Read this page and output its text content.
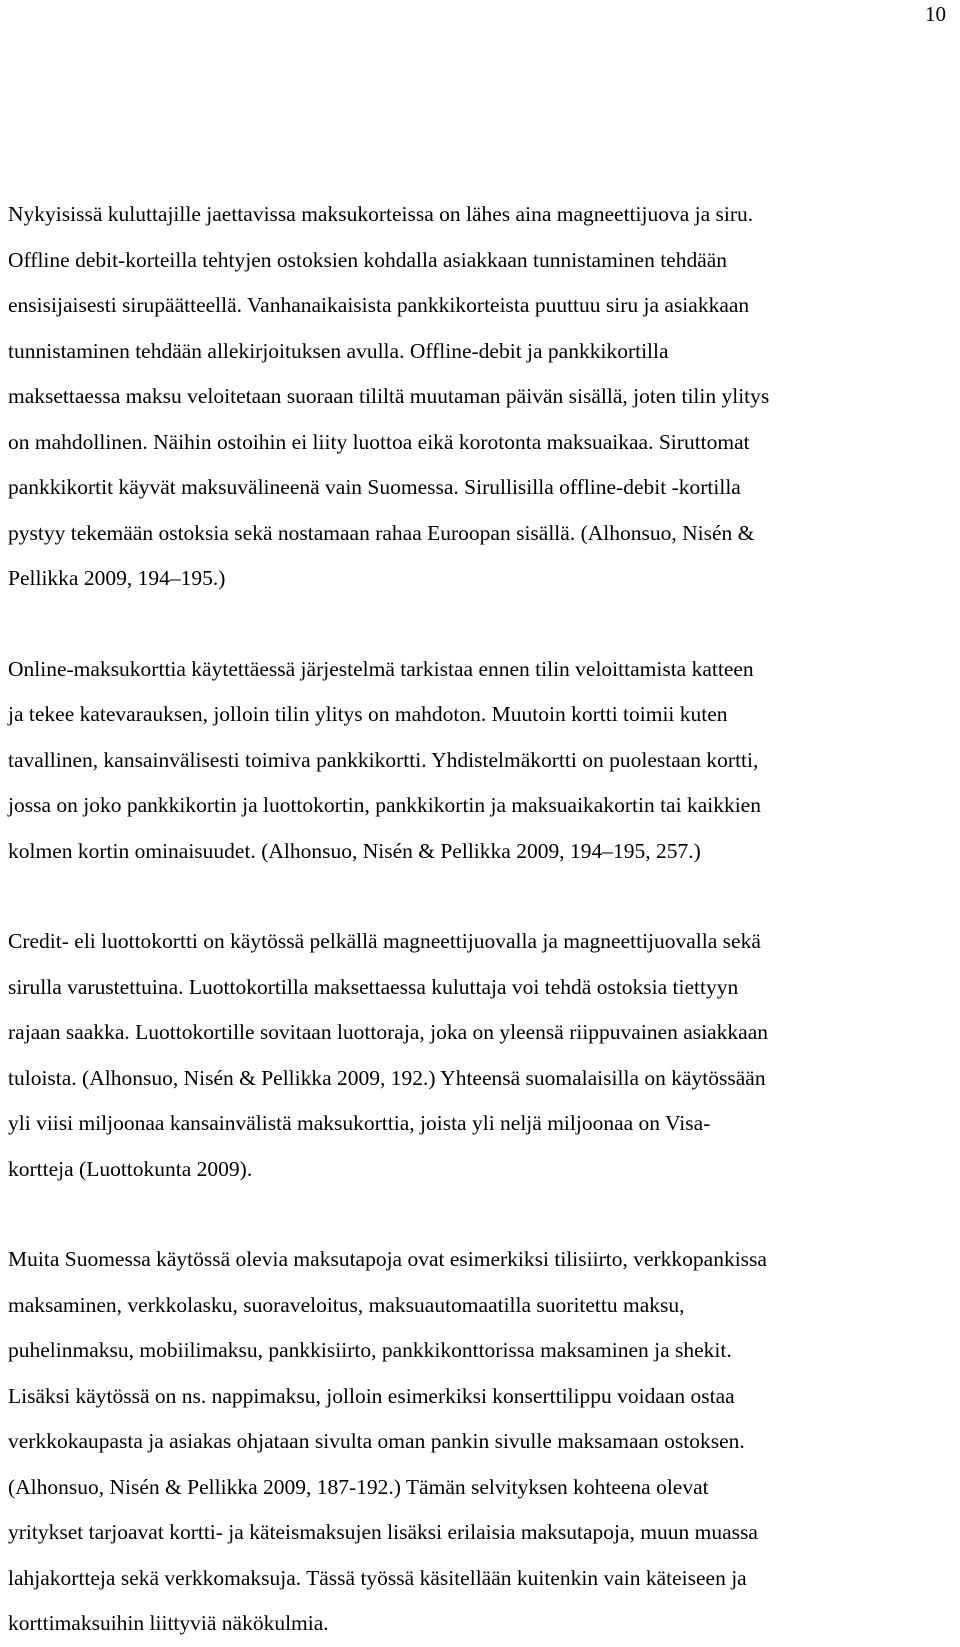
10

Nykyisissä kuluttajille jaettavissa maksukorteissa on lähes aina magneettijuova ja siru.
Offline debit-korteilla tehtyjen ostoksien kohdalla asiakkaan tunnistaminen tehdään
ensisijaisesti sirupäätteellä. Vanhanaikaisista pankkikorteista puuttuu siru ja asiakkaan
tunnistaminen tehdään allekirjoituksen avulla. Offline-debit ja pankkikortilla
maksettaessa maksu veloitetaan suoraan tililtä muutaman päivän sisällä, joten tilin ylitys
on mahdollinen. Näihin ostoihin ei liity luottoa eikä korotonta maksuaikaa. Siruttomat
pankkikortit käyvät maksuvälineenä vain Suomessa. Sirullisilla offline-debit -kortilla
pystyy tekemään ostoksia sekä nostamaan rahaa Euroopan sisällä. (Alhonsuo, Nisén &
Pellikka 2009, 194–195.)

Online-maksukorttia käytettäessä järjestelmä tarkistaa ennen tilin veloittamista katteen
ja tekee katevarauksen, jolloin tilin ylitys on mahdoton. Muutoin kortti toimii kuten
tavallinen, kansainvälisesti toimiva pankkikortti. Yhdistelmäkortti on puolestaan kortti,
jossa on joko pankkikortin ja luottokortin, pankkikortin ja maksuaikakortin tai kaikkien
kolmen kortin ominaisuudet. (Alhonsuo, Nisén & Pellikka 2009, 194–195, 257.)

Credit- eli luottokortti on käytössä pelkällä magneettijuovalla ja magneettijuovalla sekä
sirulla varustettuina. Luottokortilla maksettaessa kuluttaja voi tehdä ostoksia tiettyyn
rajaan saakka. Luottokortille sovitaan luottoraja, joka on yleensä riippuvainen asiakkaan
tuloista. (Alhonsuo, Nisén & Pellikka 2009, 192.) Yhteensä suomalaisilla on käytössään
yli viisi miljoonaa kansainvälistä maksukorttia, joista yli neljä miljoonaa on Visa-
kortteja (Luottokunta 2009).

Muita Suomessa käytössä olevia maksutapoja ovat esimerkiksi tilisiirto, verkkopankissa
maksaminen, verkkolasku, suoraveloitus, maksuautomaatilla suoritettu maksu,
puhelinmaksu, mobiilimaksu, pankkisiirto, pankkikonttorissa maksaminen ja shekit.
Lisäksi käytössä on ns. nappimaksu, jolloin esimerkiksi konserttilippu voidaan ostaa
verkkokaupasta ja asiakas ohjataan sivulta oman pankin sivulle maksamaan ostoksen.
(Alhonsuo, Nisén & Pellikka 2009, 187-192.) Tämän selvityksen kohteena olevat
yritykset tarjoavat kortti- ja käteismaksujen lisäksi erilaisia maksutapoja, muun muassa
lahjakortteja sekä verkkomaksuja. Tässä työssä käsitellään kuitenkin vain käteiseen ja
korttimaksuihin liittyviä näkökulmia.
